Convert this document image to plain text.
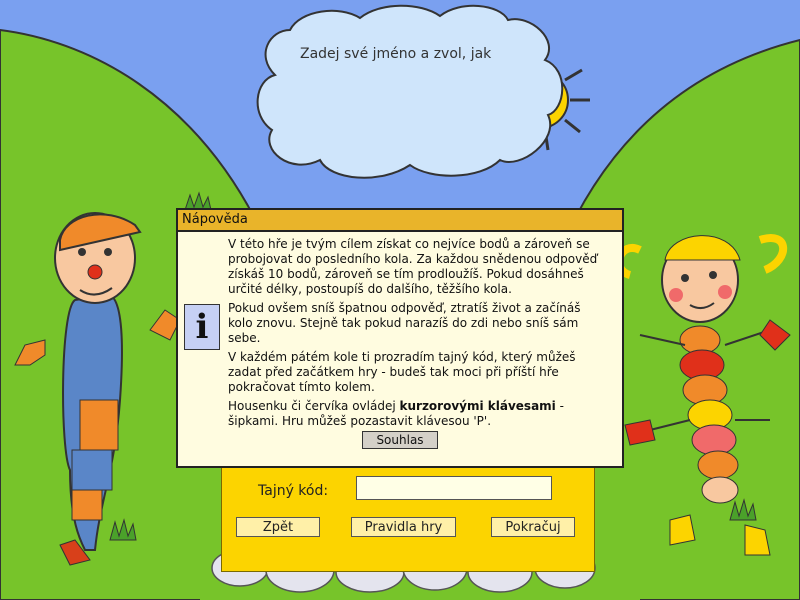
Zadej své jméno a zvol, jak
Tajný kód:
Zpět	Pravidla hry	Pokračuj
Nápověda
i

V této hře je tvým cílem získat co nejvíce bodů a zároveň se probojovat do posledního kola. Za každou snědenou odpověď získáš 10 bodů, zároveň se tím prodloužíš. Pokud dosáhneš určité délky, postoupíš do dalšího, těžšího kola.

Pokud ovšem sníš špatnou odpověď, ztratíš život a začínáš kolo znovu. Stejně tak pokud narazíš do zdi nebo sníš sám sebe.

V každém pátém kole ti prozradím tajný kód, který můžeš zadat před začátkem hry - budeš tak moci při příští hře pokračovat tímto kolem.

Housenku či červíka ovládej kurzorovými klávesami - šipkami. Hru můžeš pozastavit klávesou 'P'.

Souhlas
